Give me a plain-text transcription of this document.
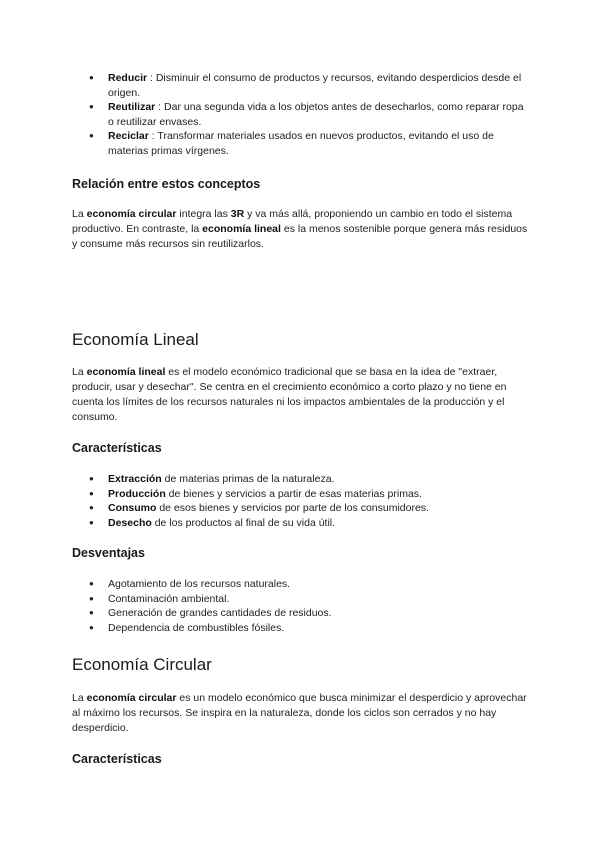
● Reducir : Disminuir el consumo de productos y recursos, evitando desperdicios desde el origen.
● Reutilizar : Dar una segunda vida a los objetos antes de desecharlos, como reparar ropa o reutilizar envases.
● Reciclar : Transformar materiales usados en nuevos productos, evitando el uso de materias primas vírgenes.
Relación entre estos conceptos

La economía circular integra las 3R y va más allá, proponiendo un cambio en todo el sistema productivo. En contraste, la economía lineal es la menos sostenible porque genera más residuos y consume más recursos sin reutilizarlos.

Economía Lineal

La economía lineal es el modelo económico tradicional que se basa en la idea de "extraer, producir, usar y desechar". Se centra en el crecimiento económico a corto plazo y no tiene en cuenta los límites de los recursos naturales ni los impactos ambientales de la producción y el consumo.

Características
● Extracción de materias primas de la naturaleza.
● Producción de bienes y servicios a partir de esas materias primas.
● Consumo de esos bienes y servicios por parte de los consumidores.
● Desecho de los productos al final de su vida útil.
Desventajas
● Agotamiento de los recursos naturales.
● Contaminación ambiental.
● Generación de grandes cantidades de residuos.
● Dependencia de combustibles fósiles.
Economía Circular

La economía circular es un modelo económico que busca minimizar el desperdicio y aprovechar al máximo los recursos. Se inspira en la naturaleza, donde los ciclos son cerrados y no hay desperdicio.

Características
